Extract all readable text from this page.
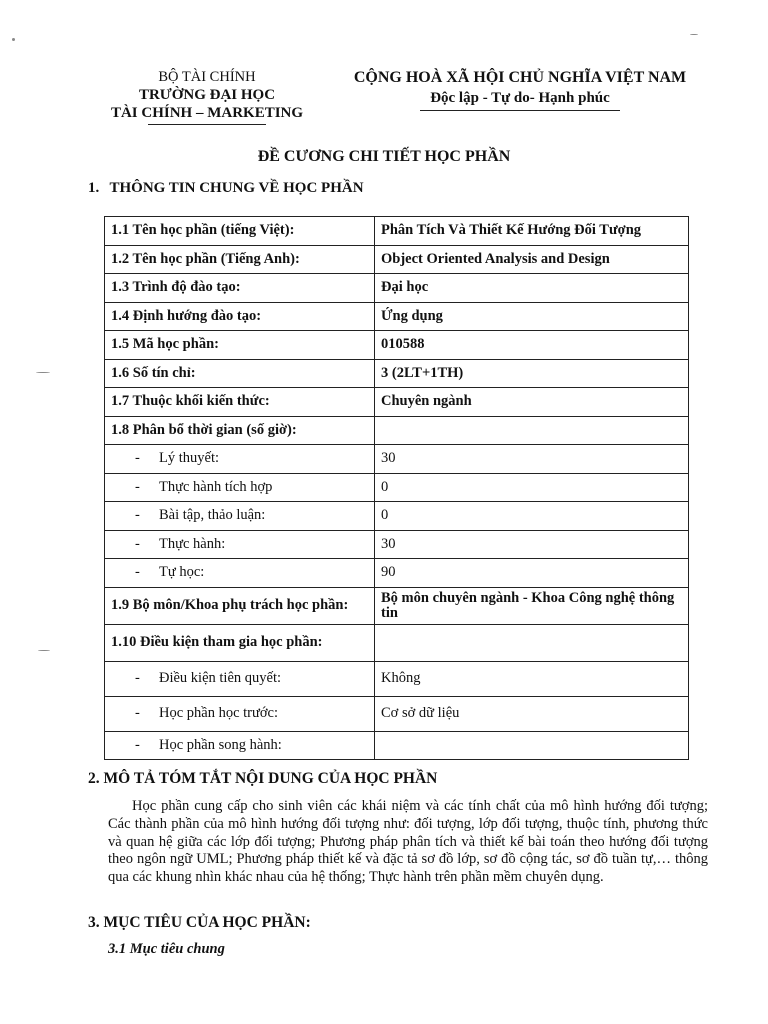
BỘ TÀI CHÍNH
TRƯỜNG ĐẠI HỌC
TÀI CHÍNH – MARKETING
CỘNG HOÀ XÃ HỘI CHỦ NGHĨA VIỆT NAM
Độc lập - Tự do- Hạnh phúc
ĐỀ CƯƠNG CHI TIẾT HỌC PHẦN
1. THÔNG TIN CHUNG VỀ HỌC PHẦN
1.1 Tên học phần (tiếng Việt):	Phân Tích Và Thiết Kế Hướng Đối Tượng
1.2 Tên học phần (Tiếng Anh):	Object Oriented Analysis and Design
1.3 Trình độ đào tạo:	Đại học
1.4 Định hướng đào tạo:	Ứng dụng
1.5 Mã học phần:	010588
1.6 Số tín chỉ:	3 (2LT+1TH)
1.7 Thuộc khối kiến thức:	Chuyên ngành
1.8 Phân bổ thời gian (số giờ):	
- Lý thuyết:	30
- Thực hành tích hợp	0
- Bài tập, thảo luận:	0
- Thực hành:	30
- Tự học:	90
1.9 Bộ môn/Khoa phụ trách học phần:	Bộ môn chuyên ngành - Khoa Công nghệ thông tin
1.10 Điều kiện tham gia học phần:	
- Điều kiện tiên quyết:	Không
- Học phần học trước:	Cơ sở dữ liệu
- Học phần song hành:	
2. MÔ TẢ TÓM TẮT NỘI DUNG CỦA HỌC PHẦN
Học phần cung cấp cho sinh viên các khái niệm và các tính chất của mô hình hướng đối tượng; Các thành phần của mô hình hướng đối tượng như: đối tượng, lớp đối tượng, thuộc tính, phương thức và quan hệ giữa các lớp đối tượng; Phương pháp phân tích và thiết kế bài toán theo hướng đối tượng theo ngôn ngữ UML; Phương pháp thiết kế và đặc tả sơ đồ lớp, sơ đồ cộng tác, sơ đồ tuần tự,… thông qua các khung nhìn khác nhau của hệ thống; Thực hành trên phần mềm chuyên dụng.
3. MỤC TIÊU CỦA HỌC PHẦN:
3.1 Mục tiêu chung
